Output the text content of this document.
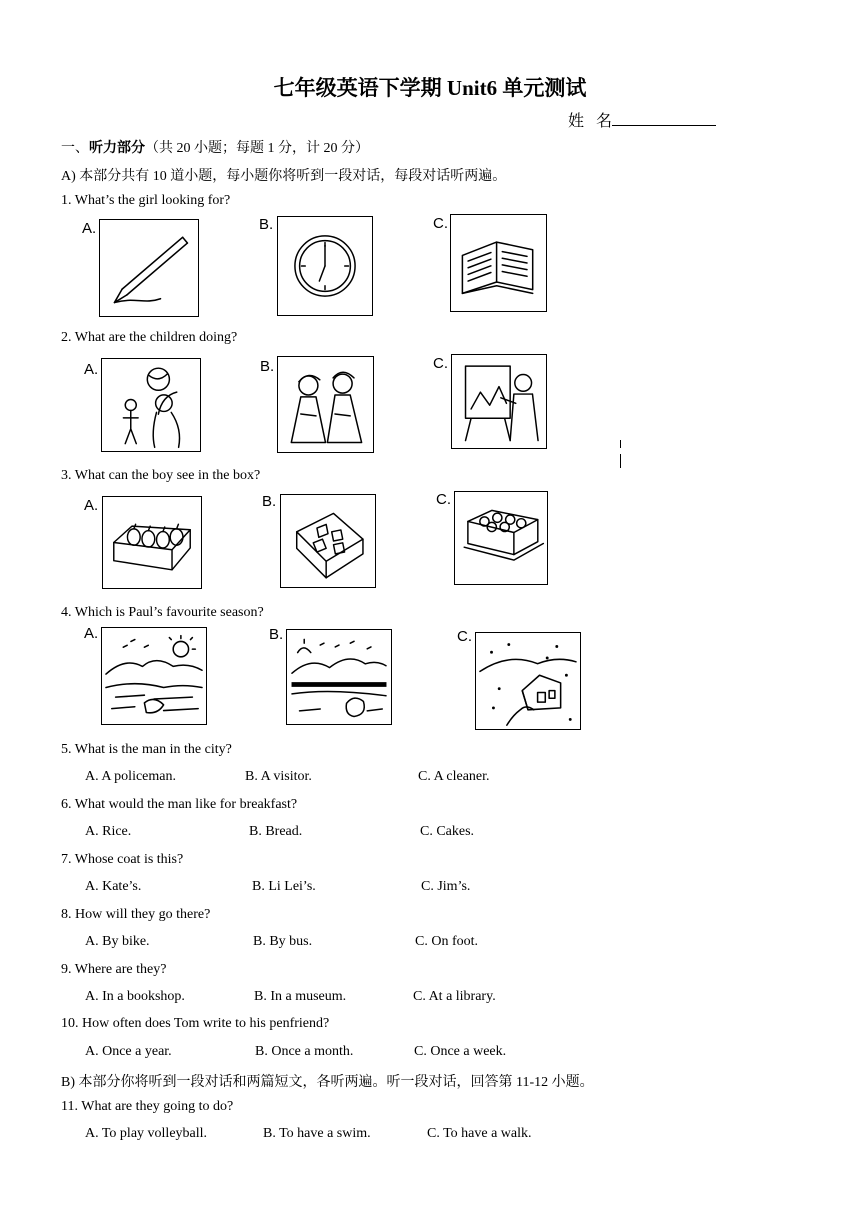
七年级英语下学期 Unit6 单元测试
姓 名
一、听力部分（共 20 小题；每题 1 分，计 20 分）
A) 本部分共有 10 道小题，每小题你将听到一段对话，每段对话听两遍。
1. What’s the girl looking for?
A.	B.	C.
2. What are the children doing?
A.	B.	C.
3. What can the boy see in the box?
A.	B.	C.
4. Which is Paul’s favourite season?
A.	B.	C.
5. What is the man in the city?
A. A policeman.	B. A visitor.	C. A cleaner.
6. What would the man like for breakfast?
A. Rice.	B. Bread.	C. Cakes.
7. Whose coat is this?
A. Kate’s.	B. Li Lei’s.	C. Jim’s.
8. How will they go there?
A. By bike.	B. By bus.	C. On foot.
9. Where are they?
A. In a bookshop.	B. In a museum.	C. At a library.
10. How often does Tom write to his penfriend?
A. Once a year.	B. Once a month.	C. Once a week.
B) 本部分你将听到一段对话和两篇短文，各听两遍。听一段对话，回答第 11-12 小题。
11. What are they going to do?
A. To play volleyball.	B. To have a swim.	C. To have a walk.
